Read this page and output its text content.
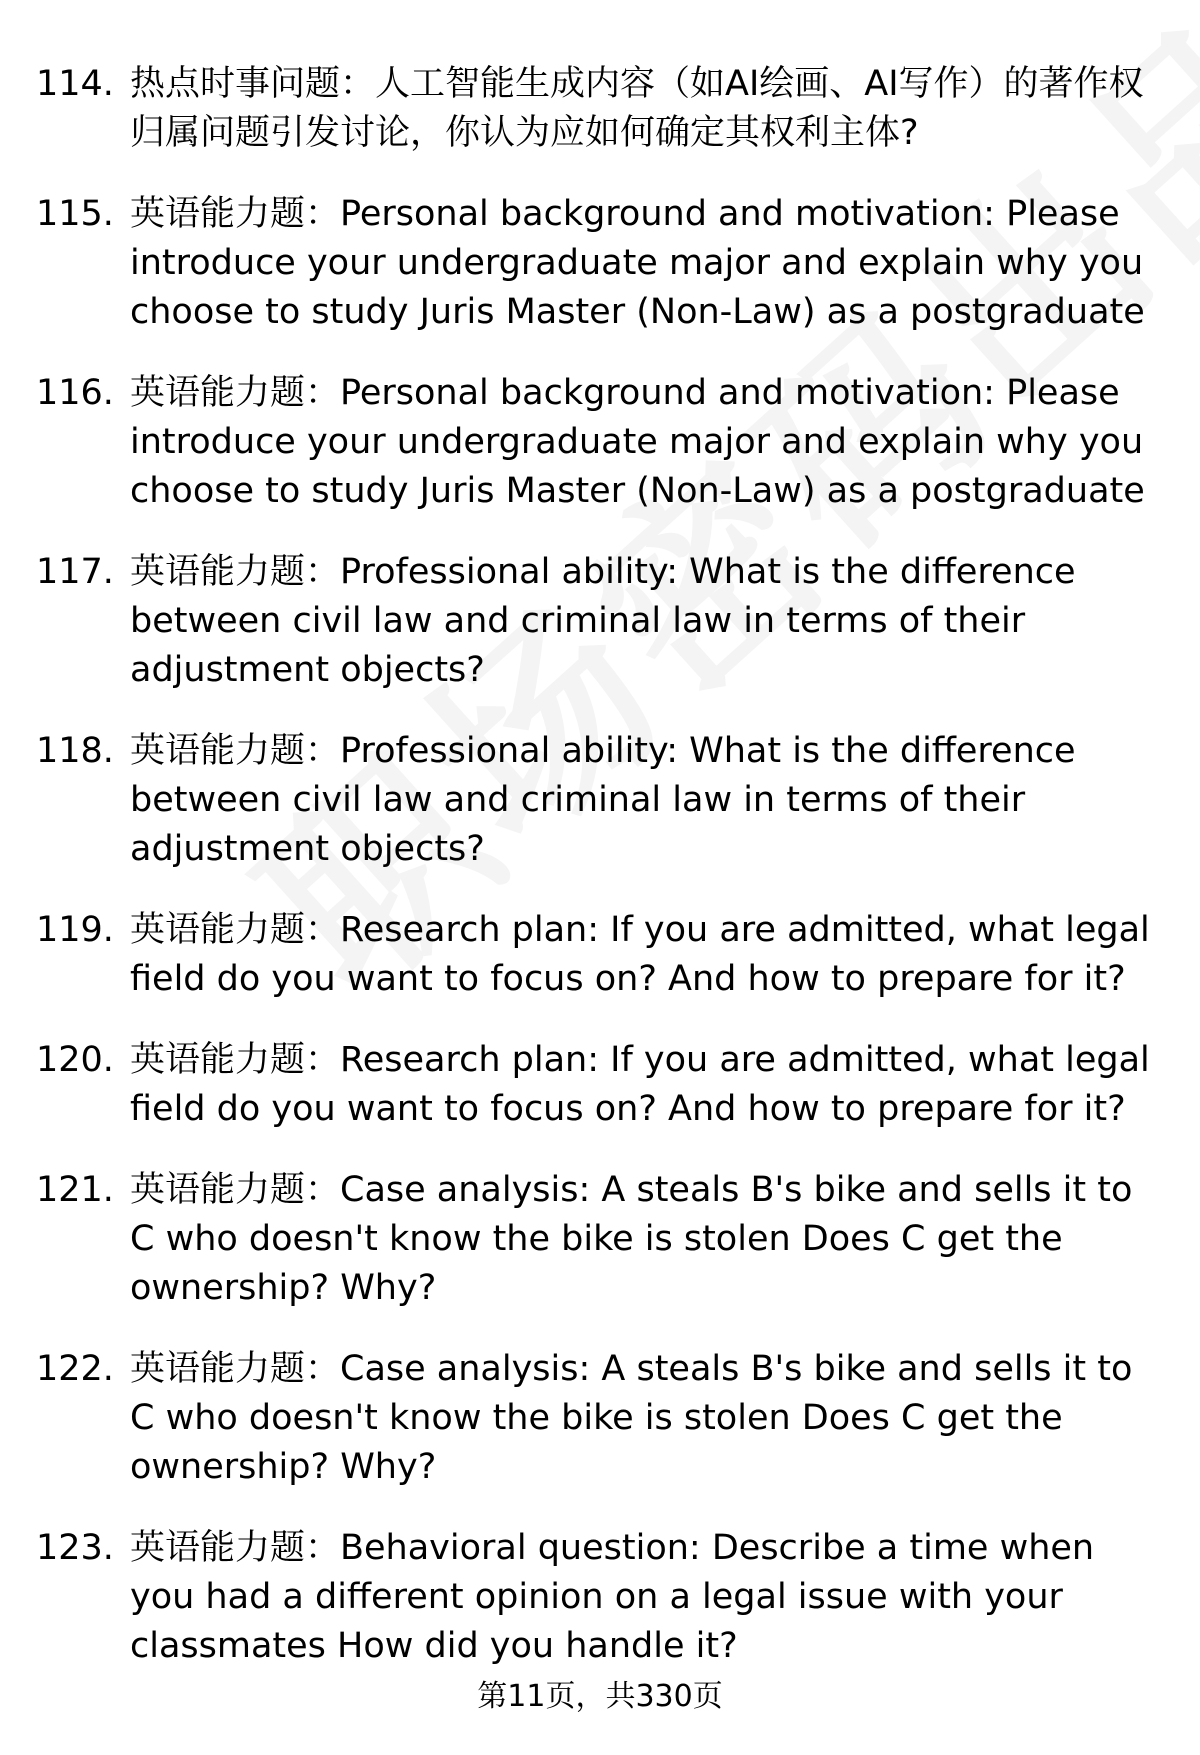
114. 热点时事问题：人工智能生成内容（如AI绘画、AI写作）的著作权归属问题引发讨论，你认为应如何确定其权利主体?
115. 英语能力题：Personal background and motivation: Please introduce your undergraduate major and explain why you choose to study Juris Master (Non-Law) as a postgraduate
116. 英语能力题：Personal background and motivation: Please introduce your undergraduate major and explain why you choose to study Juris Master (Non-Law) as a postgraduate
117. 英语能力题：Professional ability: What is the difference between civil law and criminal law in terms of their adjustment objects?
118. 英语能力题：Professional ability: What is the difference between civil law and criminal law in terms of their adjustment objects?
119. 英语能力题：Research plan: If you are admitted, what legal field do you want to focus on? And how to prepare for it?
120. 英语能力题：Research plan: If you are admitted, what legal field do you want to focus on? And how to prepare for it?
121. 英语能力题：Case analysis: A steals B's bike and sells it to C who doesn't know the bike is stolen Does C get the ownership? Why?
122. 英语能力题：Case analysis: A steals B's bike and sells it to C who doesn't know the bike is stolen Does C get the ownership? Why?
123. 英语能力题：Behavioral question: Describe a time when you had a different opinion on a legal issue with your classmates How did you handle it?
第11页，共330页
